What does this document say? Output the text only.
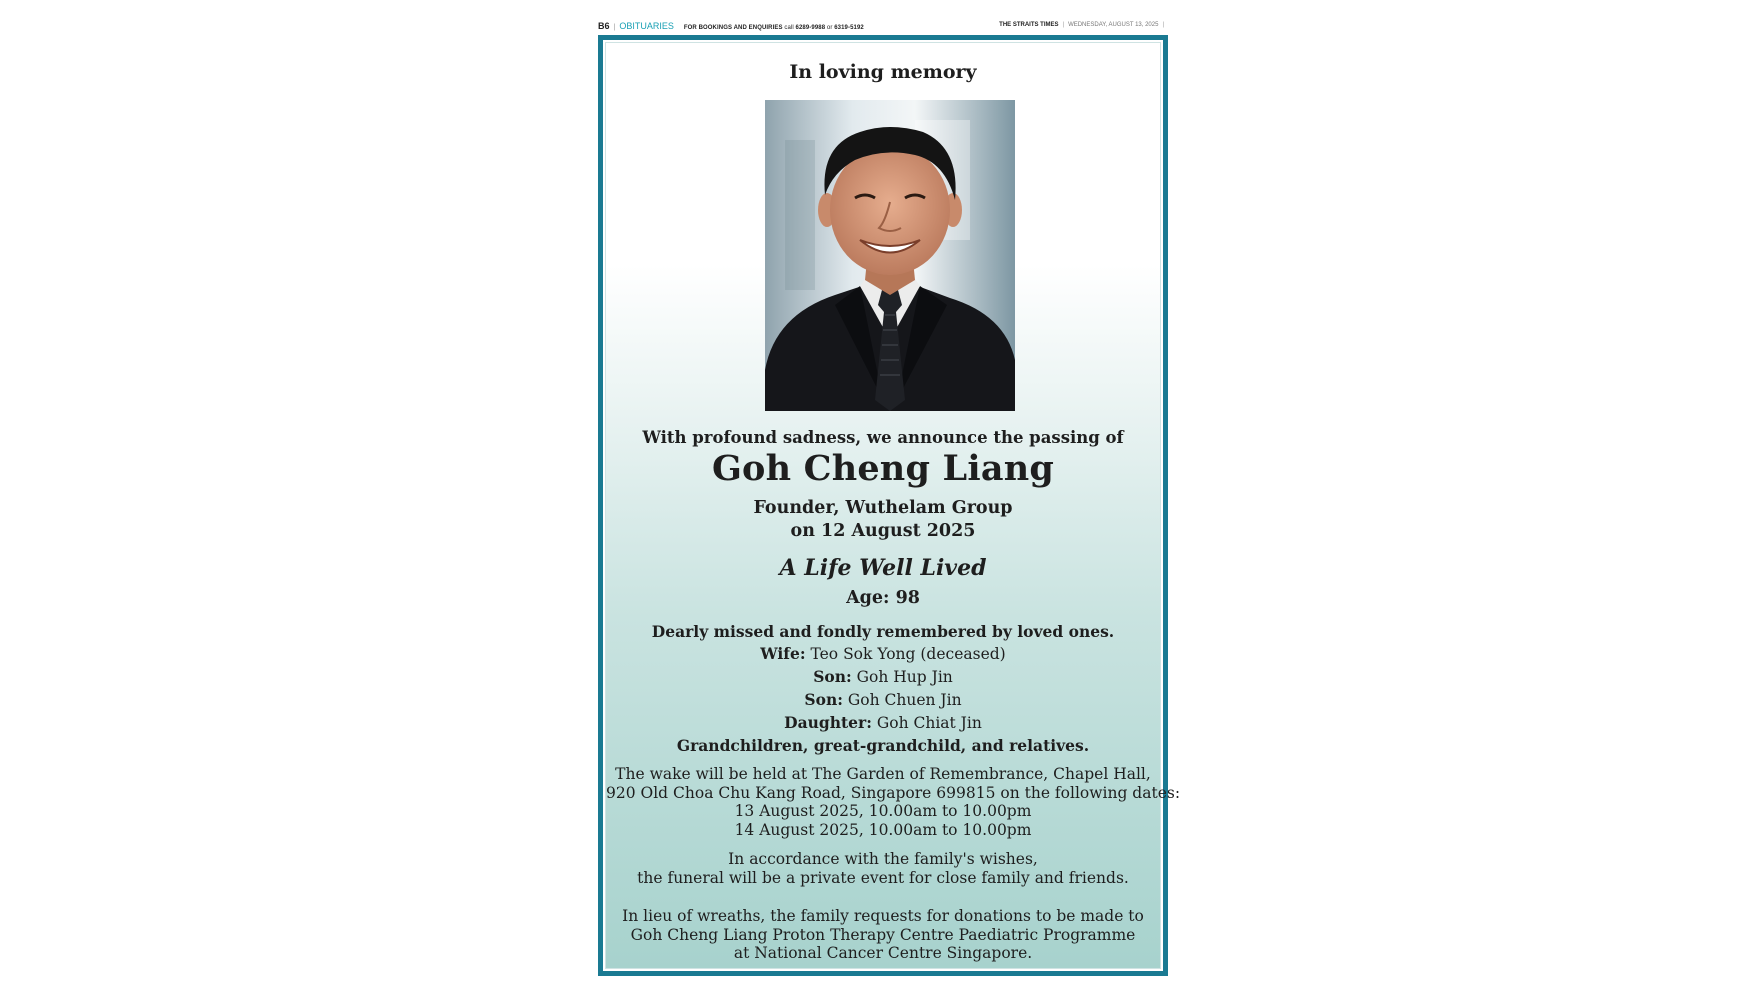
B6 | OBITUARIES FOR BOOKINGS AND ENQUIRIES call 6289-9988 or 6319-5192	THE STRAITS TIMES | WEDNESDAY, AUGUST 13, 2025 |
In loving memory
With profound sadness, we announce the passing of
Goh Cheng Liang
Founder, Wuthelam Group
on 12 August 2025
A Life Well Lived
Age: 98
Dearly missed and fondly remembered by loved ones.
Wife: Teo Sok Yong (deceased)
Son: Goh Hup Jin
Son: Goh Chuen Jin
Daughter: Goh Chiat Jin
Grandchildren, great-grandchild, and relatives.
The wake will be held at The Garden of Remembrance, Chapel Hall,
920 Old Choa Chu Kang Road, Singapore 699815 on the following dates:
13 August 2025, 10.00am to 10.00pm
14 August 2025, 10.00am to 10.00pm
In accordance with the family's wishes,
the funeral will be a private event for close family and friends.
In lieu of wreaths, the family requests for donations to be made to
Goh Cheng Liang Proton Therapy Centre Paediatric Programme
at National Cancer Centre Singapore.
